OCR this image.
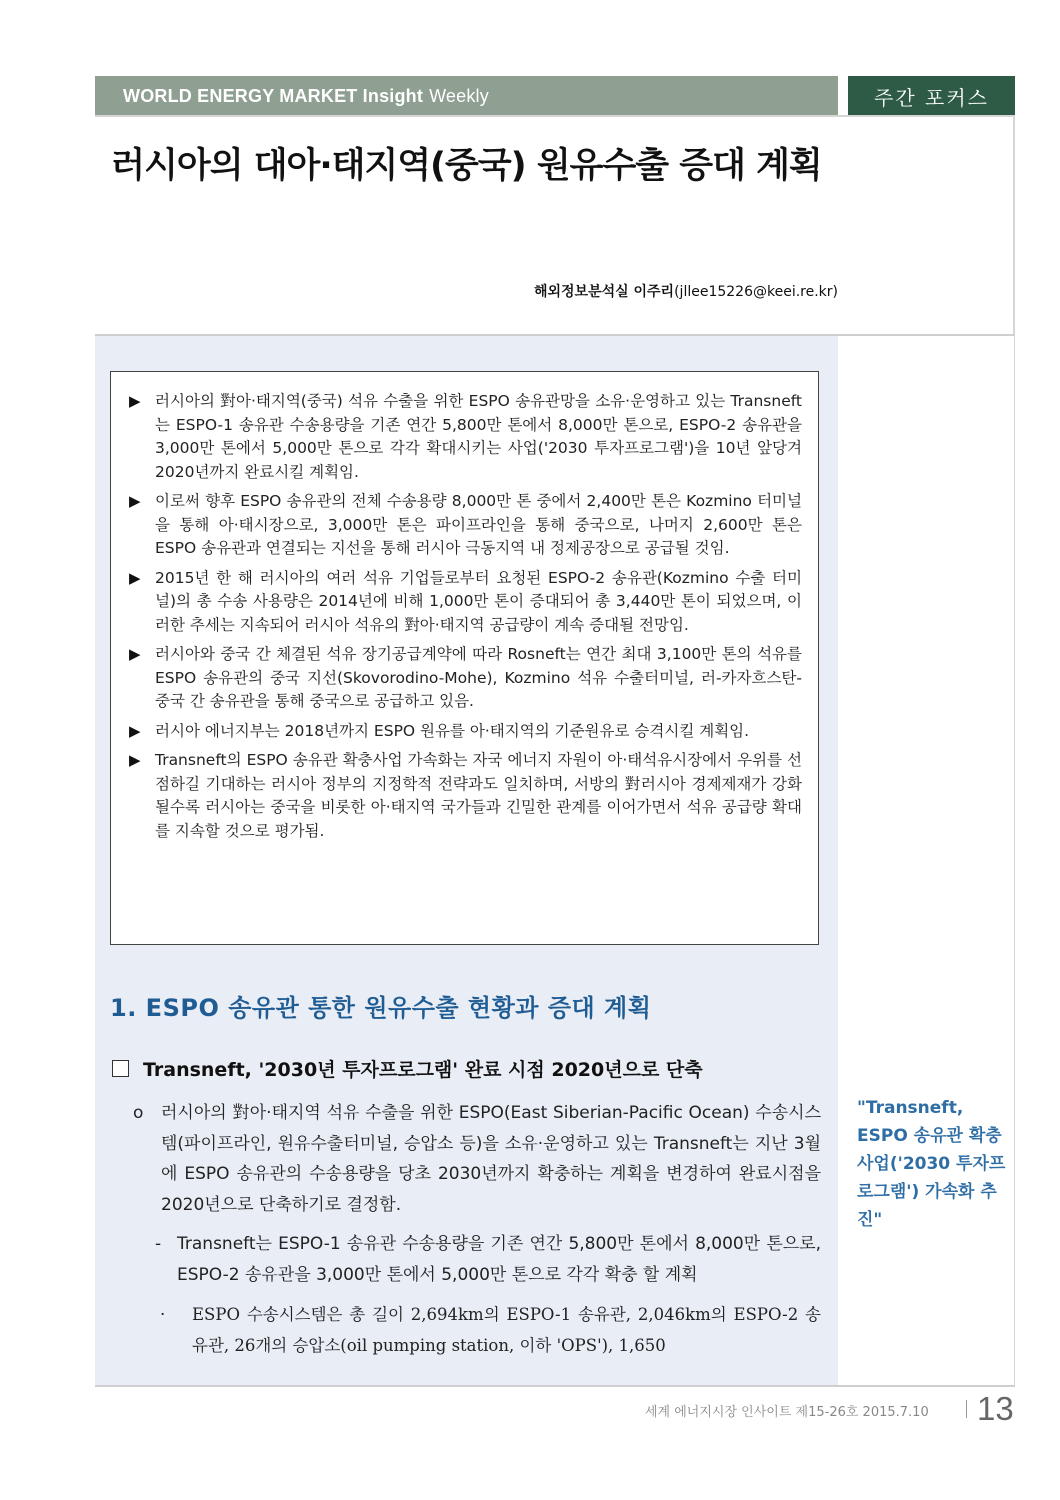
WORLD ENERGY MARKET Insight Weekly	주간 포커스
러시아의 대아·태지역(중국) 원유수출 증대 계획
해외정보분석실 이주리(jllee15226@keei.re.kr)
▶ 러시아의 對아·태지역(중국) 석유 수출을 위한 ESPO 송유관망을 소유·운영하고 있는 Transneft는 ESPO-1 송유관 수송용량을 기존 연간 5,800만 톤에서 8,000만 톤으로, ESPO-2 송유관을 3,000만 톤에서 5,000만 톤으로 각각 확대시키는 사업('2030 투자프로그램')을 10년 앞당겨 2020년까지 완료시킬 계획임.
▶ 이로써 향후 ESPO 송유관의 전체 수송용량 8,000만 톤 중에서 2,400만 톤은 Kozmino 터미널을 통해 아·태시장으로, 3,000만 톤은 파이프라인을 통해 중국으로, 나머지 2,600만 톤은 ESPO 송유관과 연결되는 지선을 통해 러시아 극동지역 내 정제공장으로 공급될 것임.
▶ 2015년 한 해 러시아의 여러 석유 기업들로부터 요청된 ESPO-2 송유관(Kozmino 수출 터미널)의 총 수송 사용량은 2014년에 비해 1,000만 톤이 증대되어 총 3,440만 톤이 되었으며, 이러한 추세는 지속되어 러시아 석유의 對아·태지역 공급량이 계속 증대될 전망임.
▶ 러시아와 중국 간 체결된 석유 장기공급계약에 따라 Rosneft는 연간 최대 3,100만 톤의 석유를 ESPO 송유관의 중국 지선(Skovorodino-Mohe), Kozmino 석유 수출터미널, 러-카자흐스탄-중국 간 송유관을 통해 중국으로 공급하고 있음.
▶ 러시아 에너지부는 2018년까지 ESPO 원유를 아·태지역의 기준원유로 승격시킬 계획임.
▶ Transneft의 ESPO 송유관 확충사업 가속화는 자국 에너지 자원이 아·태석유시장에서 우위를 선점하길 기대하는 러시아 정부의 지정학적 전략과도 일치하며, 서방의 對러시아 경제제재가 강화될수록 러시아는 중국을 비롯한 아·태지역 국가들과 긴밀한 관계를 이어가면서 석유 공급량 확대를 지속할 것으로 평가됨.
1. ESPO 송유관 통한 원유수출 현황과 증대 계획
Transneft, '2030년 투자프로그램' 완료 시점 2020년으로 단축
o	러시아의 對아·태지역 석유 수출을 위한 ESPO(East Siberian-Pacific Ocean) 수송시스템(파이프라인, 원유수출터미널, 승압소 등)을 소유·운영하고 있는 Transneft는 지난 3월에 ESPO 송유관의 수송용량을 당초 2030년까지 확충하는 계획을 변경하여 완료시점을 2020년으로 단축하기로 결정함.
- Transneft는 ESPO-1 송유관 수송용량을 기존 연간 5,800만 톤에서 8,000만 톤으로, ESPO-2 송유관을 3,000만 톤에서 5,000만 톤으로 각각 확충 할 계획
·	ESPO 수송시스템은 총 길이 2,694km의 ESPO-1 송유관, 2,046km의 ESPO-2 송유관, 26개의 승압소(oil pumping station, 이하 'OPS'), 1,650
"Transneft, ESPO 송유관 확충사업('2030 투자프로그램') 가속화 추진"
세계 에너지시장 인사이트 제15-26호 2015.7.10 13
